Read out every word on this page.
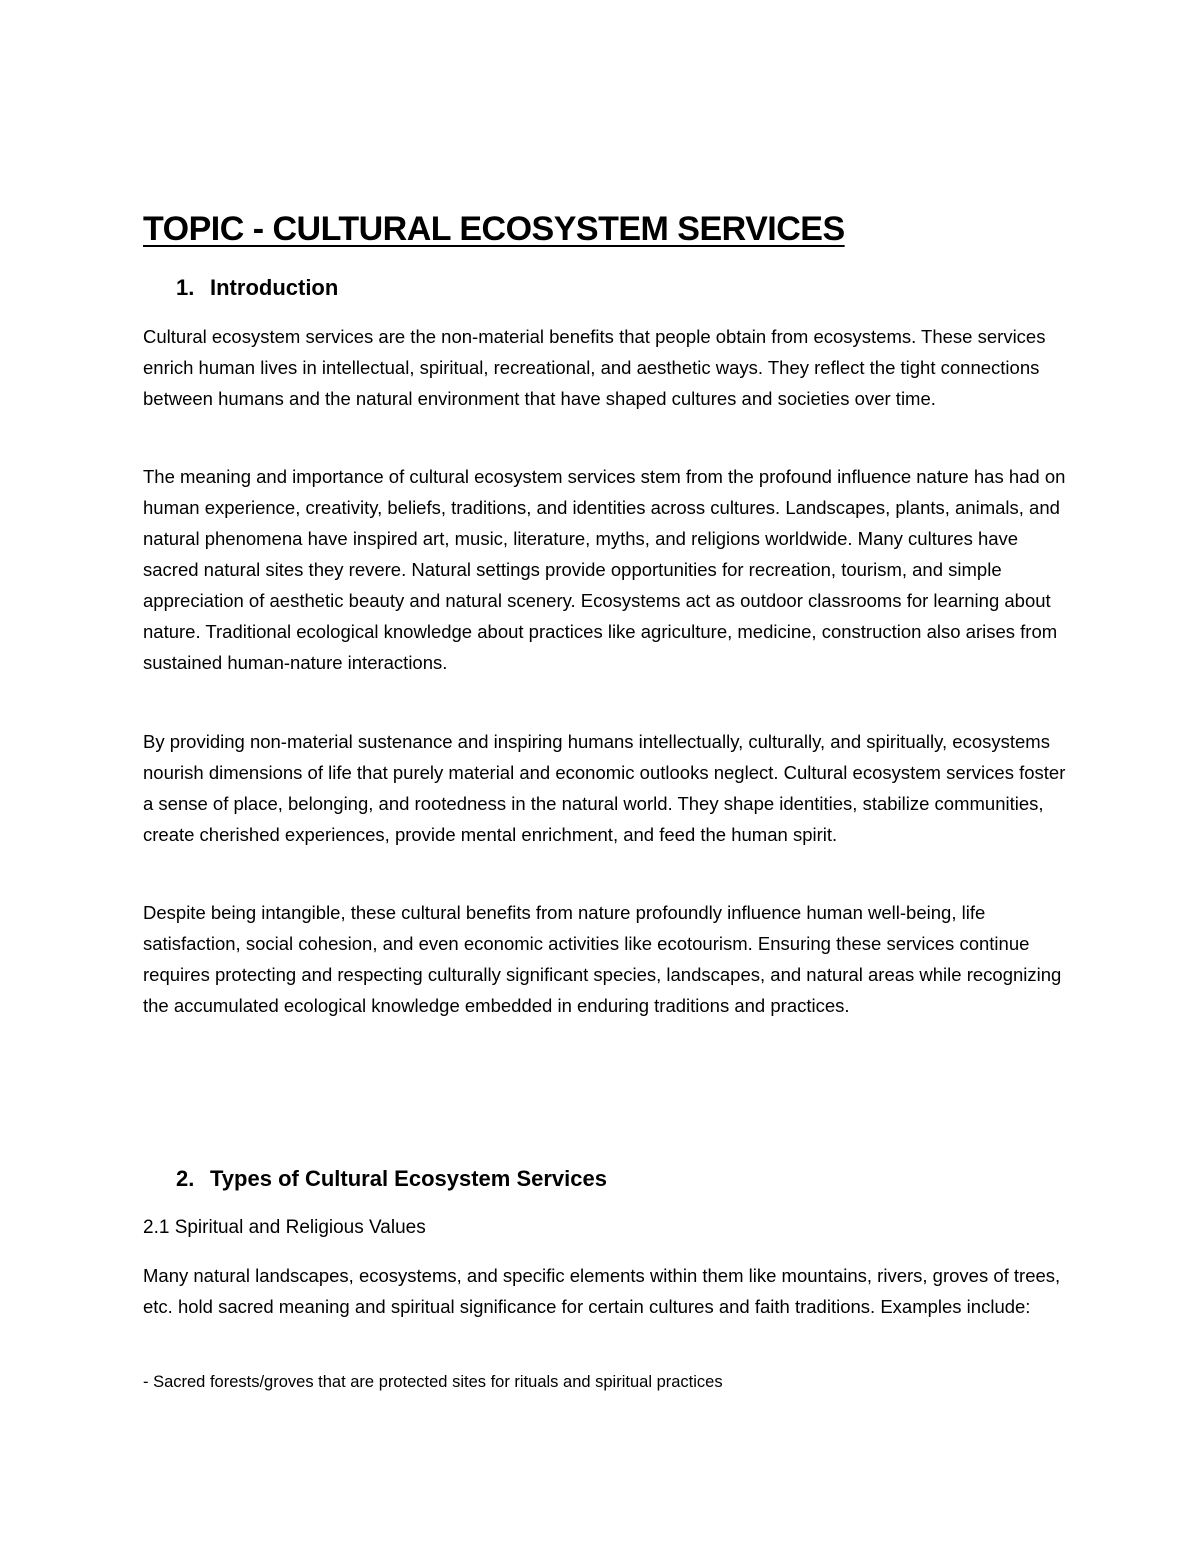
TOPIC - CULTURAL ECOSYSTEM SERVICES
1. Introduction

Cultural ecosystem services are the non-material benefits that people obtain from ecosystems. These services enrich human lives in intellectual, spiritual, recreational, and aesthetic ways. They reflect the tight connections between humans and the natural environment that have shaped cultures and societies over time.

The meaning and importance of cultural ecosystem services stem from the profound influence nature has had on human experience, creativity, beliefs, traditions, and identities across cultures. Landscapes, plants, animals, and natural phenomena have inspired art, music, literature, myths, and religions worldwide. Many cultures have sacred natural sites they revere. Natural settings provide opportunities for recreation, tourism, and simple appreciation of aesthetic beauty and natural scenery. Ecosystems act as outdoor classrooms for learning about nature. Traditional ecological knowledge about practices like agriculture, medicine, construction also arises from sustained human-nature interactions.

By providing non-material sustenance and inspiring humans intellectually, culturally, and spiritually, ecosystems nourish dimensions of life that purely material and economic outlooks neglect. Cultural ecosystem services foster a sense of place, belonging, and rootedness in the natural world. They shape identities, stabilize communities, create cherished experiences, provide mental enrichment, and feed the human spirit.

Despite being intangible, these cultural benefits from nature profoundly influence human well-being, life satisfaction, social cohesion, and even economic activities like ecotourism. Ensuring these services continue requires protecting and respecting culturally significant species, landscapes, and natural areas while recognizing the accumulated ecological knowledge embedded in enduring traditions and practices.

2. Types of Cultural Ecosystem Services
2.1 Spiritual and Religious Values

Many natural landscapes, ecosystems, and specific elements within them like mountains, rivers, groves of trees, etc. hold sacred meaning and spiritual significance for certain cultures and faith traditions. Examples include:

- Sacred forests/groves that are protected sites for rituals and spiritual practices
